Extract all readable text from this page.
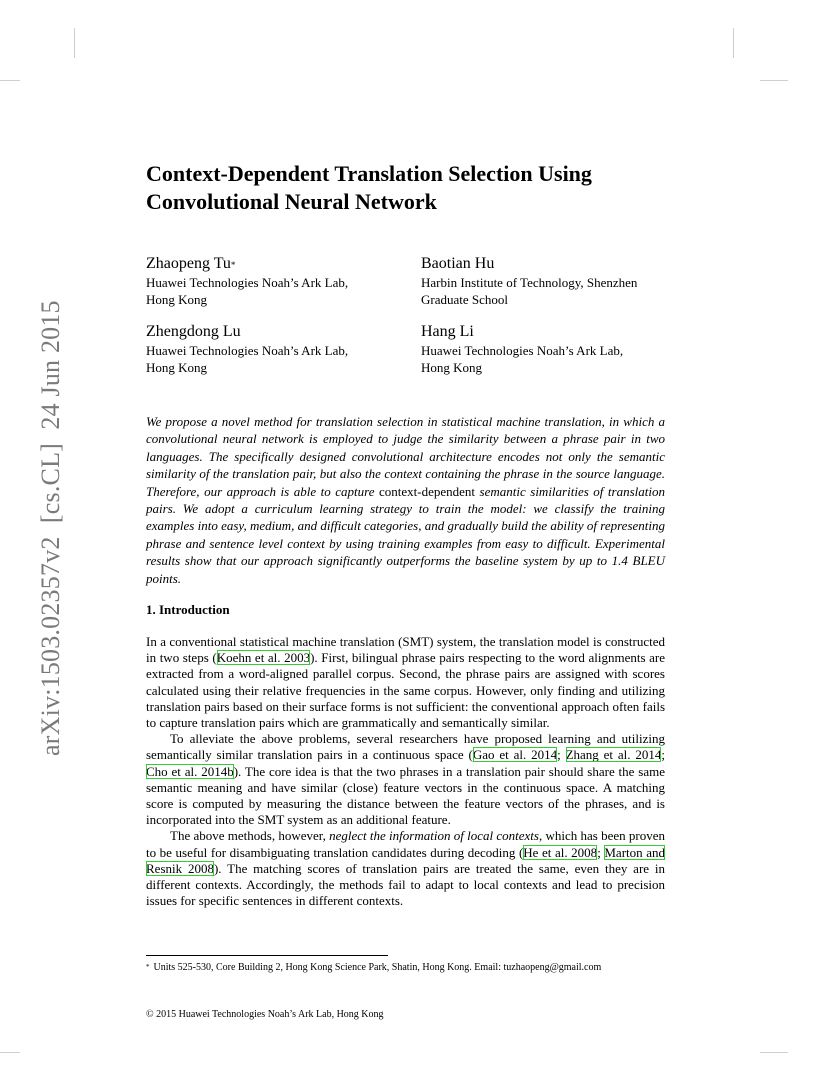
arXiv:1503.02357v2  [cs.CL]  24 Jun 2015
Context-Dependent Translation Selection Using
Convolutional Neural Network
Zhaopeng Tu*
Huawei Technologies Noah’s Ark Lab,
Hong Kong
Baotian Hu
Harbin Institute of Technology, Shenzhen
Graduate School
Zhengdong Lu
Huawei Technologies Noah’s Ark Lab,
Hong Kong
Hang Li
Huawei Technologies Noah’s Ark Lab,
Hong Kong

We propose a novel method for translation selection in statistical machine translation, in which a convolutional neural network is employed to judge the similarity between a phrase pair in two languages. The specifically designed convolutional architecture encodes not only the semantic similarity of the translation pair, but also the context containing the phrase in the source language. Therefore, our approach is able to capture context-dependent semantic similarities of translation pairs. We adopt a curriculum learning strategy to train the model: we classify the training examples into easy, medium, and difficult categories, and gradually build the ability of representing phrase and sentence level context by using training examples from easy to difficult. Experimental results show that our approach significantly outperforms the baseline system by up to 1.4 BLEU points.

1. Introduction

In a conventional statistical machine translation (SMT) system, the translation model is constructed in two steps (Koehn et al. 2003). First, bilingual phrase pairs respecting to the word alignments are extracted from a word-aligned parallel corpus. Second, the phrase pairs are assigned with scores calculated using their relative frequencies in the same corpus. However, only finding and utilizing translation pairs based on their surface forms is not sufficient: the conventional approach often fails to capture translation pairs which are grammatically and semantically similar.

To alleviate the above problems, several researchers have proposed learning and utilizing semantically similar translation pairs in a continuous space (Gao et al. 2014; Zhang et al. 2014; Cho et al. 2014b). The core idea is that the two phrases in a translation pair should share the same semantic meaning and have similar (close) feature vectors in the continuous space. A matching score is computed by measuring the distance between the feature vectors of the phrases, and is incorporated into the SMT system as an additional feature.

The above methods, however, neglect the information of local contexts, which has been proven to be useful for disambiguating translation candidates during decoding (He et al. 2008; Marton and Resnik 2008). The matching scores of translation pairs are treated the same, even they are in different contexts. Accordingly, the methods fail to adapt to local contexts and lead to precision issues for specific sentences in different contexts.

* Units 525-530, Core Building 2, Hong Kong Science Park, Shatin, Hong Kong. Email: tuzhaopeng@gmail.com
© 2015 Huawei Technologies Noah’s Ark Lab, Hong Kong
